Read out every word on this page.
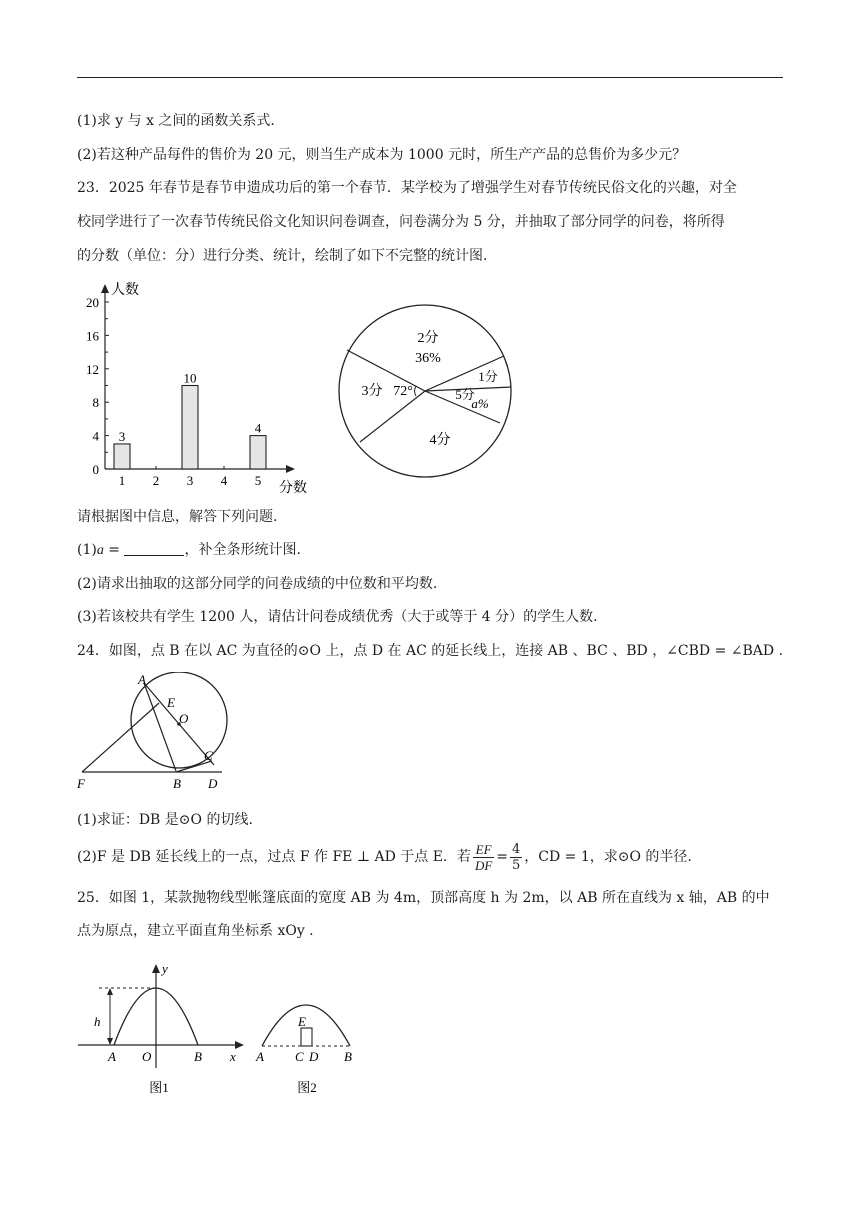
(1)求 y 与 x 之间的函数关系式.
(2)若这种产品每件的售价为 20 元，则当生产成本为 1000 元时，所生产产品的总售价为多少元？
23．2025 年春节是春节申遗成功后的第一个春节．某学校为了增强学生对春节传统民俗文化的兴趣，对全
校同学进行了一次春节传统民俗文化知识问卷调查，问卷满分为 5 分，并抽取了部分同学的问卷，将所得
的分数（单位：分）进行分类、统计，绘制了如下不完整的统计图.
人数
分数
0
4
8
12
16
20
1
3
2 3
10
4 5
4
2分
36%
1分
5分
a%
4分
3分 72°
请根据图中信息，解答下列问题.
(1)a =	，补全条形统计图.
(2)请求出抽取的这部分同学的问卷成绩的中位数和平均数.
(3)若该校共有学生 1200 人，请估计问卷成绩优秀（大于或等于 4 分）的学生人数.
24．如图，点 B 在以 AC 为直径的⊙O 上，点 D 在 AC 的延长线上，连接 AB 、BC 、BD ，∠CBD = ∠BAD .
A
E
O
C
F	B D
(1)求证：DB 是⊙O 的切线.
(2)F 是 DB 延长线上的一点，过点 F 作 FE ⊥ AD 于点 E．若 $\frac{EF}{DF} = \frac{4}{5}$ ，CD = 1，求⊙O 的半径.
25．如图 1，某款抛物线型帐篷底面的宽度 AB 为 4m，顶部高度 h 为 2m，以 AB 所在直线为 x 轴，AB 的中
点为原点，建立平面直角坐标系 xOy .
y
h
A O	B x
图1
E
A C D B
图2
